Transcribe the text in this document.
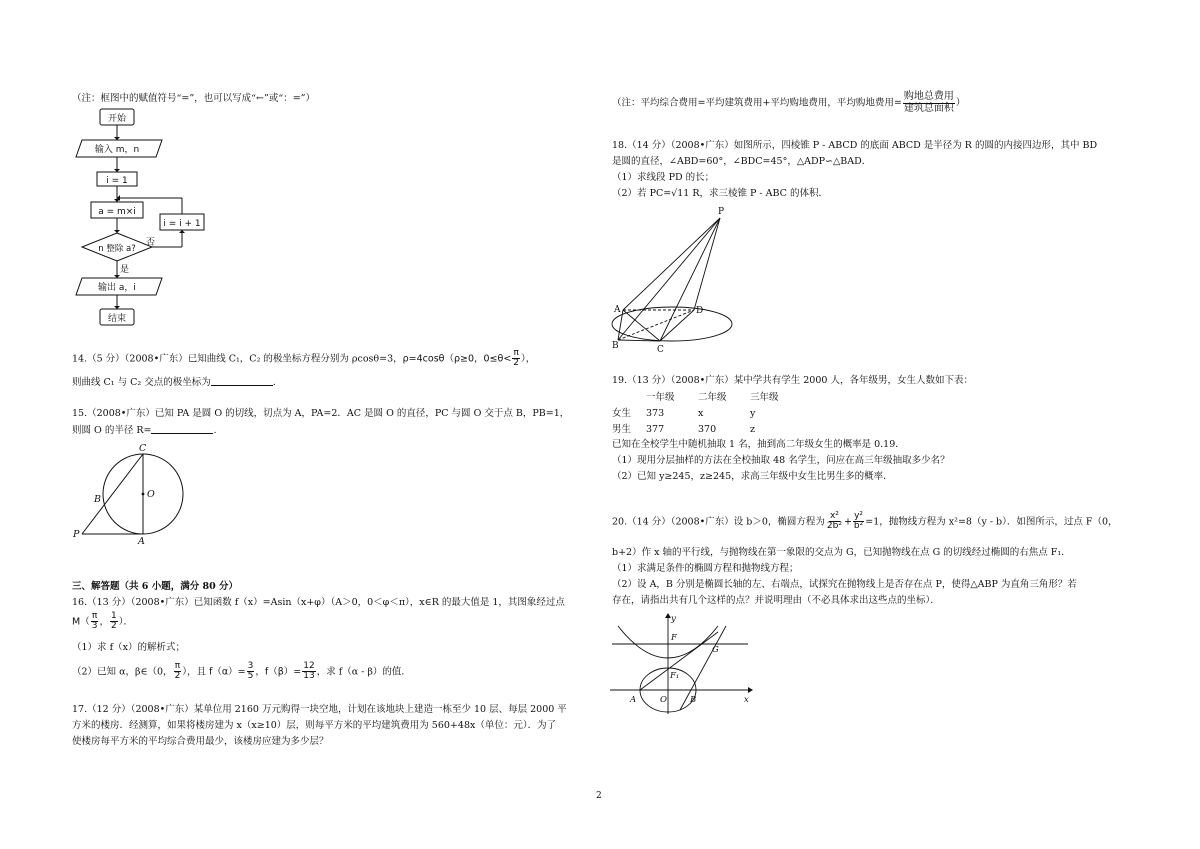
（注：框图中的赋值符号“=”，也可以写成“←”或“：=”）
开始
输入 m，n
i = 1
a = m×i
i = i + 1
n 整除 a?
否
是
输出 a，i
结束
14.（5 分）（2008•广东）已知曲线 C₁，C₂ 的极坐标方程分别为 ρcosθ=3，ρ=4cosθ（ρ≥0，$0\le\theta< \frac{\pi}{2}$ ），
则曲线 C₁ 与 C₂ 交点的极坐标为	.
15.（2008•广东）已知 PA 是圆 O 的切线，切点为 A，PA=2．AC 是圆 O 的直径，PC 与圆 O 交于点 B，PB=1，
则圆 O 的半径 R=	.
C
B	O
P
A
三、解答题（共 6 小题，满分 80 分）
16.（13 分）（2008•广东）已知函数 f（x）=Asin（x+φ）（A＞0，0＜φ＜π），x∈R 的最大值是 1，其图象经过点
$M( \frac{\pi}{3}$ ， $\frac{1}{2}$ ）．
（1）求 f（x）的解析式；
（2）已知 α，β∈（0， $\frac{\pi}{2}$ ），且 $f(\alpha)= \frac{3}{5}$ ，$f(\beta)= \frac{12}{13}$ ，求 f（α - β）的值．
17.（12 分）（2008•广东）某单位用 2160 万元购得一块空地，计划在该地块上建造一栋至少 10 层、每层 2000 平
方米的楼房．经测算，如果将楼房建为 x（x≥10）层，则每平方米的平均建筑费用为 560+48x（单位：元）．为了
使楼房每平方米的平均综合费用最少，该楼房应建为多少层？
（注：平均综合费用=平均建筑费用+平均购地费用，平均购地费用= $\frac{\text{购地总费用}}{\text{建筑总面积}}$ ）
18.（14 分）（2008•广东）如图所示，四棱锥 P - ABCD 的底面 ABCD 是半径为 R 的圆的内接四边形，其中 BD
是圆的直径，∠ABD=60°，∠BDC=45°，△ADP∽△BAD．
（1）求线段 PD 的长；
（2）若 PC=√11 R，求三棱锥 P - ABC 的体积．
P
A	D
B	C
19.（13 分）（2008•广东）某中学共有学生 2000 人，各年级男，女生人数如下表：
	一年级	二年级	三年级
女生	373	x	y
男生	377	370	z
已知在全校学生中随机抽取 1 名，抽到高二年级女生的概率是 0.19．
（1）现用分层抽样的方法在全校抽取 48 名学生，问应在高三年级抽取多少名？
（2）已知 y≥245，z≥245，求高三年级中女生比男生多的概率．
20.（14 分）（2008•广东）设 b＞0，椭圆方程为 $\frac{\text{x²}}{\text{2b²}} + \frac{\text{y²}}{\text{b²}} =1$，抛物线方程为 x²=8（y - b）．如图所示，过点 F（0，
b+2）作 x 轴的平行线，与抛物线在第一象限的交点为 G，已知抛物线在点 G 的切线经过椭圆的右焦点 F₁．
（1）求满足条件的椭圆方程和抛物线方程；
（2）设 A，B 分别是椭圆长轴的左、右端点，试探究在抛物线上是否存在点 P，使得△ABP 为直角三角形？若
存在，请指出共有几个这样的点？并说明理由（不必具体求出这些点的坐标）．
y
F
G
F₁
A	O	B	x
2
